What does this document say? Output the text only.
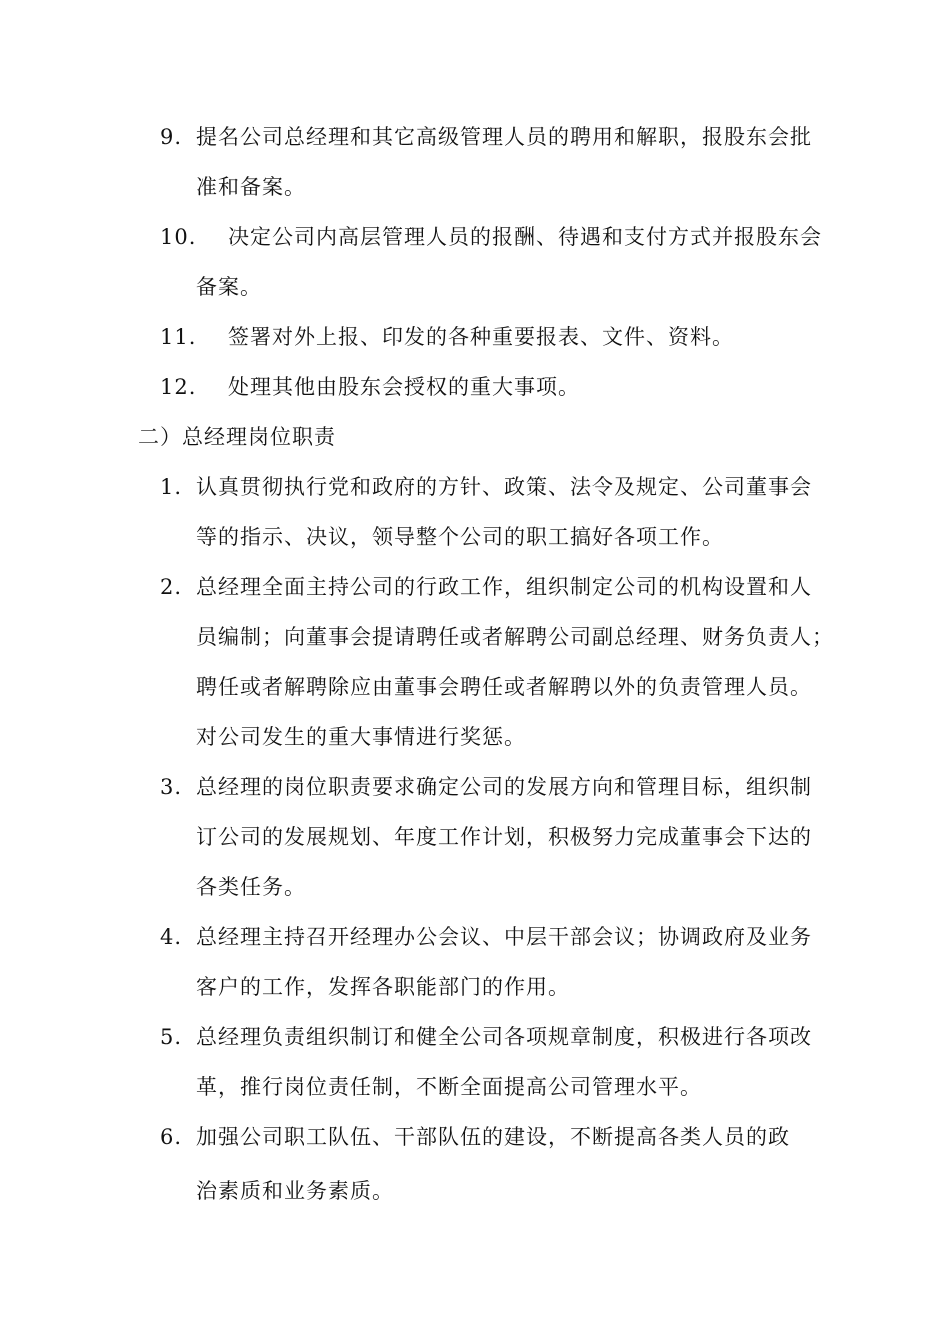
9. 提名公司总经理和其它高级管理人员的聘用和解职，报股东会批
准和备案。
10.	决定公司内高层管理人员的报酬、待遇和支付方式并报股东会
备案。
11.	签署对外上报、印发的各种重要报表、文件、资料。
12.	处理其他由股东会授权的重大事项。
二）总经理岗位职责
1. 认真贯彻执行党和政府的方针、政策、法令及规定、公司董事会
等的指示、决议，领导整个公司的职工搞好各项工作。
2. 总经理全面主持公司的行政工作，组织制定公司的机构设置和人
员编制；向董事会提请聘任或者解聘公司副总经理、财务负责人；
聘任或者解聘除应由董事会聘任或者解聘以外的负责管理人员。
对公司发生的重大事情进行奖惩。
3. 总经理的岗位职责要求确定公司的发展方向和管理目标，组织制
订公司的发展规划、年度工作计划，积极努力完成董事会下达的
各类任务。
4. 总经理主持召开经理办公会议、中层干部会议；协调政府及业务
客户的工作，发挥各职能部门的作用。
5. 总经理负责组织制订和健全公司各项规章制度，积极进行各项改
革，推行岗位责任制，不断全面提高公司管理水平。
6. 加强公司职工队伍、干部队伍的建设，不断提高各类人员的政
治素质和业务素质。
